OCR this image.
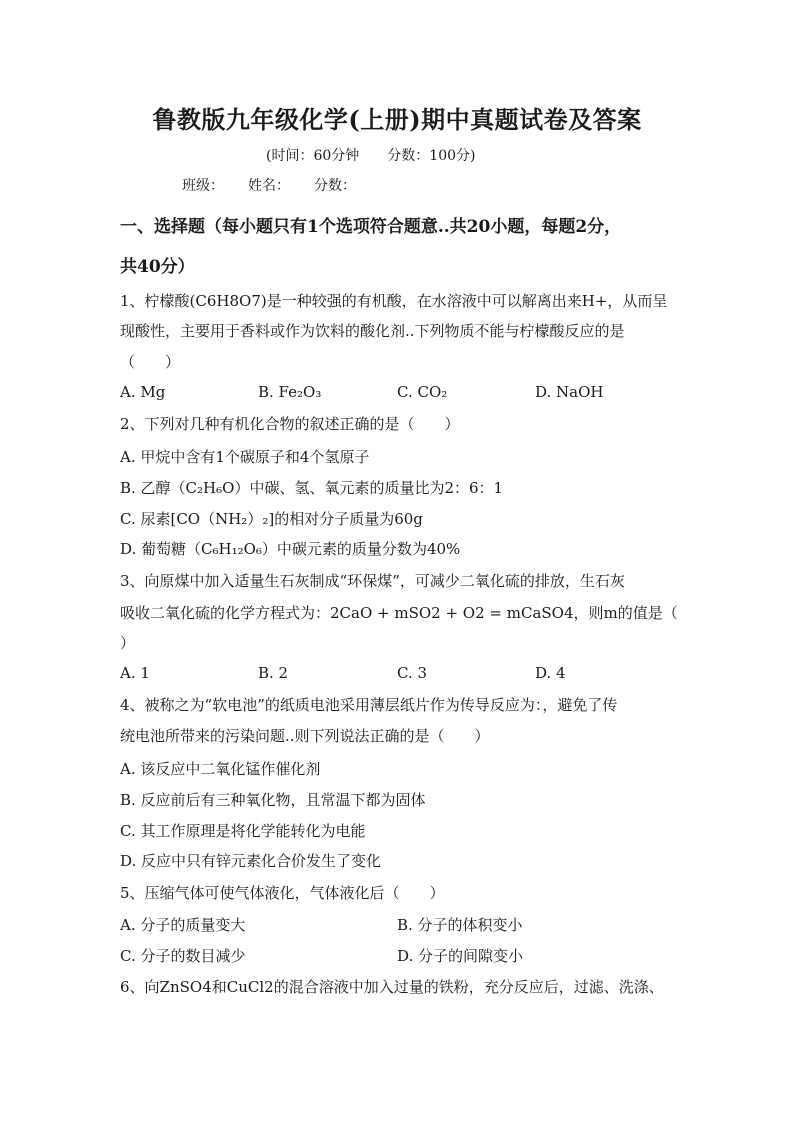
鲁教版九年级化学(上册)期中真题试卷及答案
(时间：60分钟 分数：100分)
班级： 姓名： 分数：
一、选择题（每小题只有1个选项符合题意..共20小题，每题2分，
共40分）
1、柠檬酸(C6H8O7)是一种较强的有机酸，在水溶液中可以解离出来H+，从而呈
现酸性，主要用于香料或作为饮料的酸化剂..下列物质不能与柠檬酸反应的是
（　　）
A. Mg	B. Fe₂O₃	C. CO₂	D. NaOH
2、下列对几种有机化合物的叙述正确的是（　　）
A. 甲烷中含有1个碳原子和4个氢原子
B. 乙醇（C₂H₆O）中碳、氢、氧元素的质量比为2：6：1
C. 尿素[CO（NH₂）₂]的相对分子质量为60g
D. 葡萄糖（C₆H₁₂O₆）中碳元素的质量分数为40%
3、向原煤中加入适量生石灰制成“环保煤”，可减少二氧化硫的排放，生石灰
吸收二氧化硫的化学方程式为：2CaO + mSO2 + O2 = mCaSO4，则m的值是（
）
A. 1	B. 2	C. 3	D. 4
4、被称之为“软电池”的纸质电池采用薄层纸片作为传导反应为：，避免了传
统电池所带来的污染问题..则下列说法正确的是（　　）
A. 该反应中二氧化锰作催化剂
B. 反应前后有三种氧化物，且常温下都为固体
C. 其工作原理是将化学能转化为电能
D. 反应中只有锌元素化合价发生了变化
5、压缩气体可使气体液化，气体液化后（　　）
A. 分子的质量变大	B. 分子的体积变小
C. 分子的数目减少	D. 分子的间隙变小
6、向ZnSO4和CuCl2的混合溶液中加入过量的铁粉，充分反应后，过滤、洗涤、
